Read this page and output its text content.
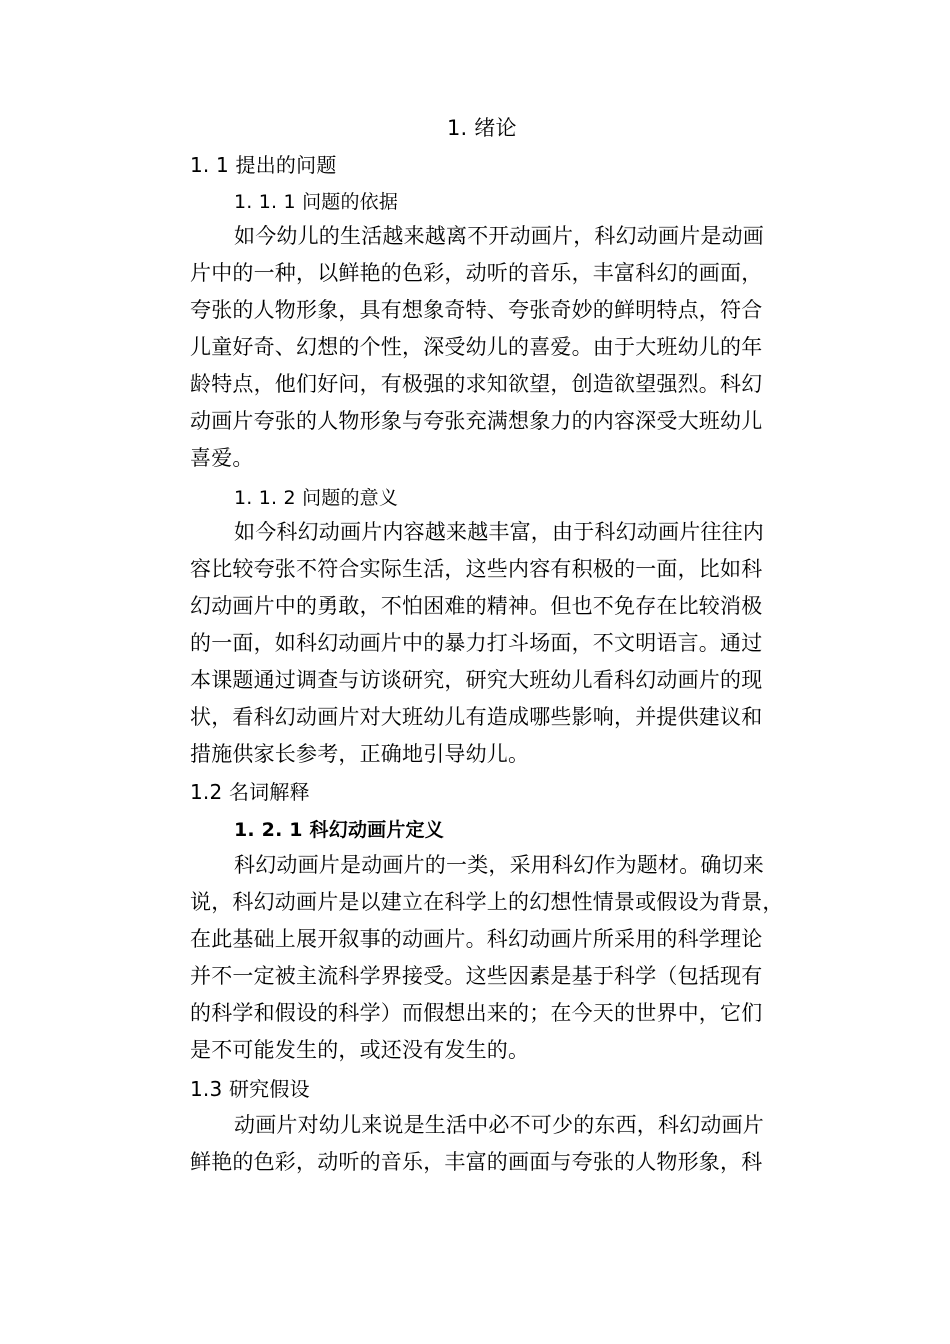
1. 绪论
1. 1 提出的问题
1. 1. 1 问题的依据
如今幼儿的生活越来越离不开动画片，科幻动画片是动画
片中的一种，以鲜艳的色彩，动听的音乐，丰富科幻的画面，
夸张的人物形象，具有想象奇特、夸张奇妙的鲜明特点，符合
儿童好奇、幻想的个性，深受幼儿的喜爱。由于大班幼儿的年
龄特点，他们好问，有极强的求知欲望，创造欲望强烈。科幻
动画片夸张的人物形象与夸张充满想象力的内容深受大班幼儿
喜爱。
1. 1. 2 问题的意义
如今科幻动画片内容越来越丰富，由于科幻动画片往往内
容比较夸张不符合实际生活，这些内容有积极的一面，比如科
幻动画片中的勇敢，不怕困难的精神。但也不免存在比较消极
的一面，如科幻动画片中的暴力打斗场面，不文明语言。通过
本课题通过调查与访谈研究，研究大班幼儿看科幻动画片的现
状，看科幻动画片对大班幼儿有造成哪些影响，并提供建议和
措施供家长参考，正确地引导幼儿。
1.2 名词解释
1. 2. 1 科幻动画片定义
科幻动画片是动画片的一类，采用科幻作为题材。确切来
说，科幻动画片是以建立在科学上的幻想性情景或假设为背景，
在此基础上展开叙事的动画片。科幻动画片所采用的科学理论
并不一定被主流科学界接受。这些因素是基于科学（包括现有
的科学和假设的科学）而假想出来的；在今天的世界中，它们
是不可能发生的，或还没有发生的。
1.3 研究假设
动画片对幼儿来说是生活中必不可少的东西，科幻动画片
鲜艳的色彩，动听的音乐，丰富的画面与夸张的人物形象，科
